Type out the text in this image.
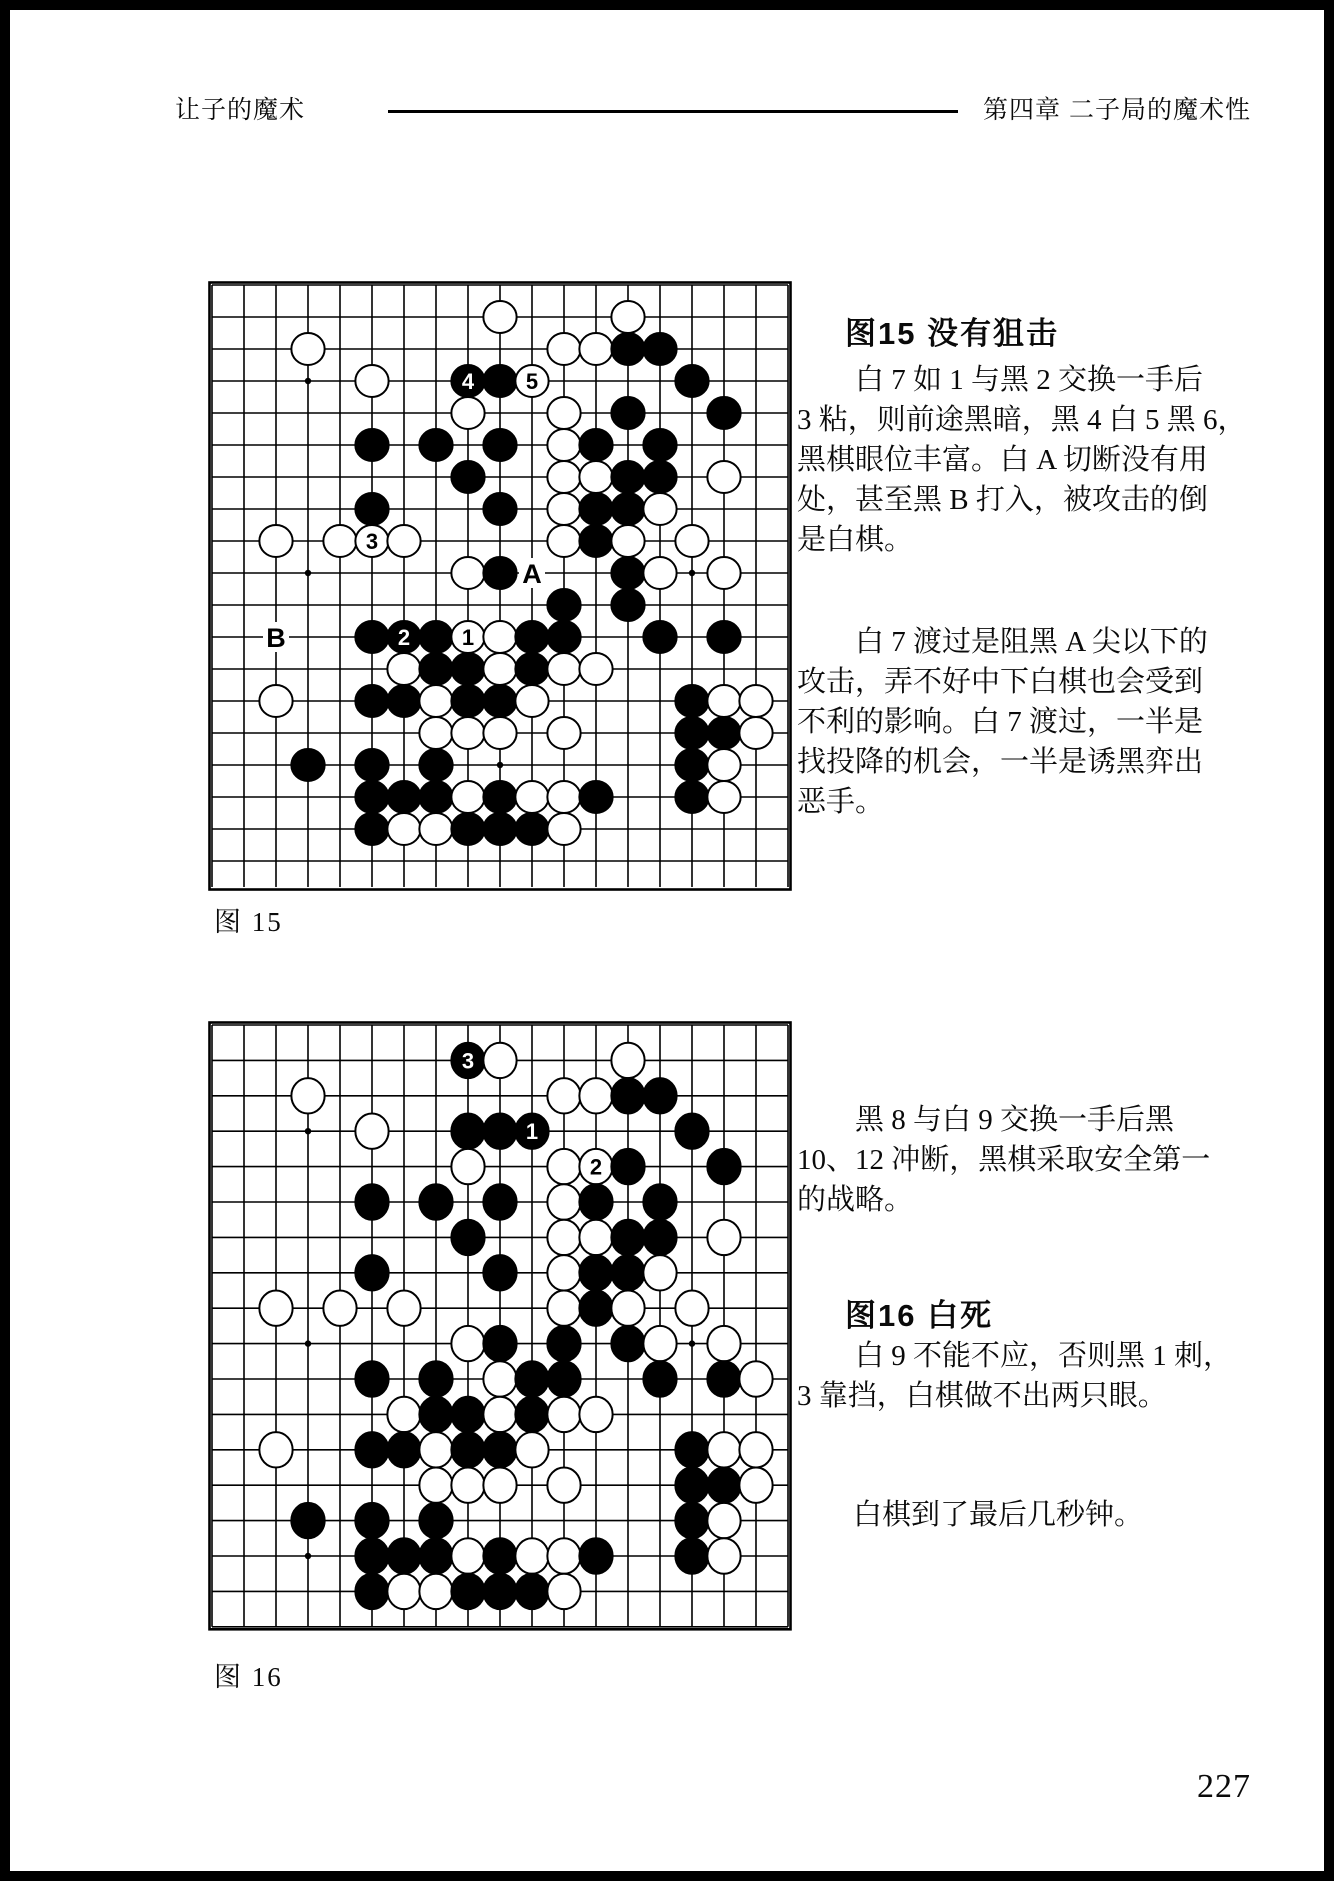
让子的魔术	第四章 二子局的魔术性
4 5
3
2 1
A
B
图 15
图15 没有狙击
白 7 如 1 与黑 2 交换一手后
3 粘，则前途黑暗，黑 4 白 5 黑 6，
黑棋眼位丰富。白 A 切断没有用
处，甚至黑 B 打入，被攻击的倒
是白棋。
白 7 渡过是阻黑 A 尖以下的
攻击，弄不好中下白棋也会受到
不利的影响。白 7 渡过，一半是
找投降的机会，一半是诱黑弈出
恶手。
3
1
2
图 16
黑 8 与白 9 交换一手后黑
10、12 冲断，黑棋采取安全第一
的战略。
图16 白死
白 9 不能不应，否则黑 1 刺，
3 靠挡，白棋做不出两只眼。
白棋到了最后几秒钟。
227
